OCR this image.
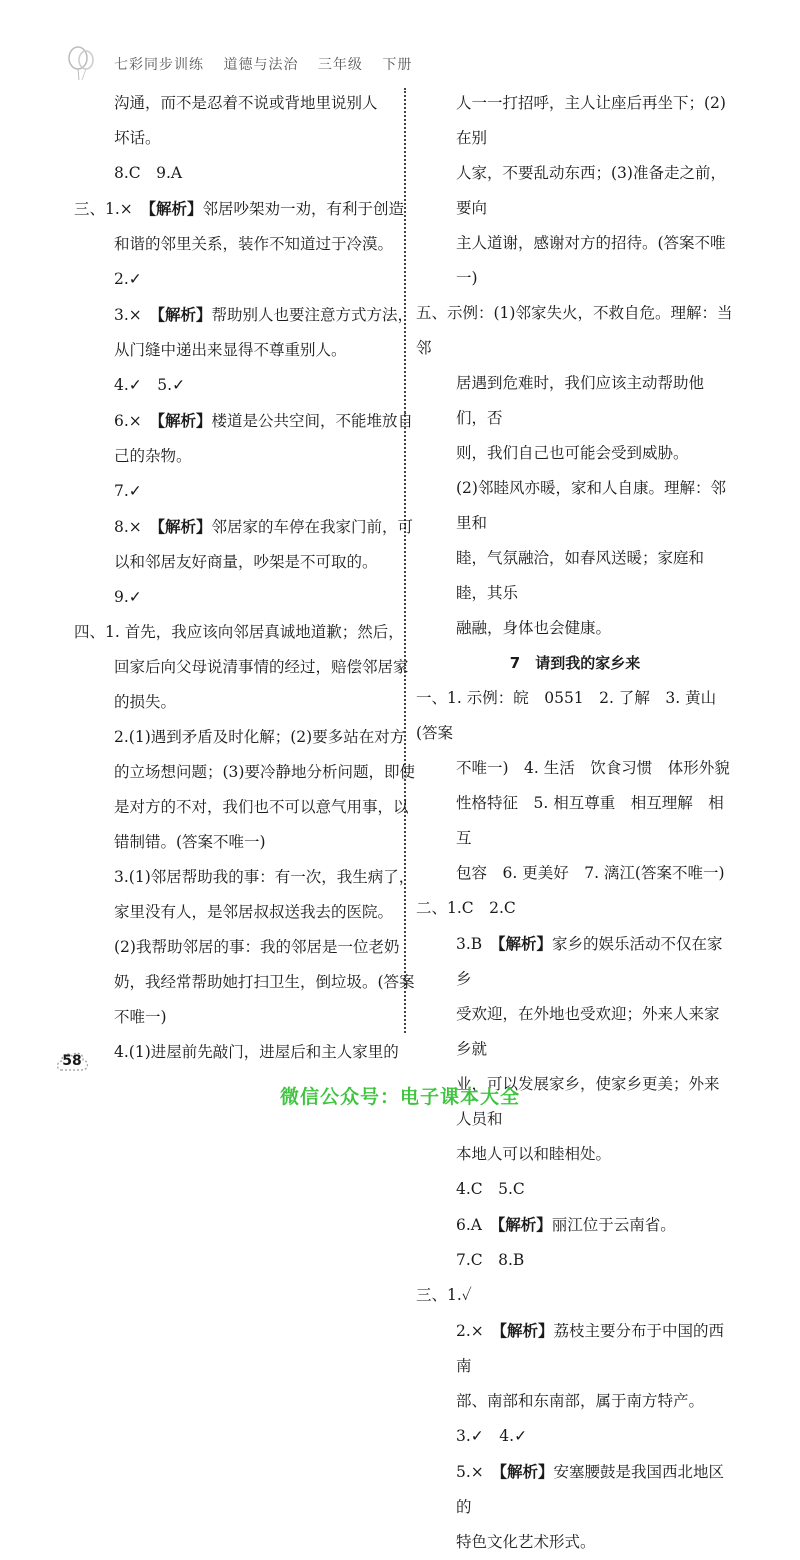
七彩同步训练 道德与法治 三年级 下册

沟通，而不是忍着不说或背地里说别人

坏话。

8.C　9.A

三、1.×　【解析】邻居吵架劝一劝，有利于创造

和谐的邻里关系，装作不知道过于冷漠。

2.✓

3.×　【解析】帮助别人也要注意方式方法，

从门缝中递出来显得不尊重别人。

4.✓　5.✓

6.×　【解析】楼道是公共空间，不能堆放自

己的杂物。

7.✓

8.×　【解析】邻居家的车停在我家门前，可

以和邻居友好商量，吵架是不可取的。

9.✓

四、1. 首先，我应该向邻居真诚地道歉；然后，

回家后向父母说清事情的经过，赔偿邻居家

的损失。

2.(1)遇到矛盾及时化解；(2)要多站在对方

的立场想问题；(3)要冷静地分析问题，即使

是对方的不对，我们也不可以意气用事，以

错制错。(答案不唯一)

3.(1)邻居帮助我的事：有一次，我生病了，

家里没有人，是邻居叔叔送我去的医院。

(2)我帮助邻居的事：我的邻居是一位老奶

奶，我经常帮助她打扫卫生，倒垃圾。(答案

不唯一)

4.(1)进屋前先敲门，进屋后和主人家里的

人一一打招呼，主人让座后再坐下；(2)在别

人家，不要乱动东西；(3)准备走之前，要向

主人道谢，感谢对方的招待。(答案不唯一)

五、示例：(1)邻家失火，不救自危。理解：当邻

居遇到危难时，我们应该主动帮助他们，否

则，我们自己也可能会受到威胁。

(2)邻睦风亦暖，家和人自康。理解：邻里和

睦，气氛融洽，如春风送暖；家庭和睦，其乐

融融，身体也会健康。

7　请到我的家乡来

一、1. 示例：皖　0551　2. 了解　3. 黄山(答案

不唯一)　4. 生活　饮食习惯　体形外貌

性格特征　5. 相互尊重　相互理解　相互

包容　6. 更美好　7. 漓江(答案不唯一)

二、1.C　2.C

3.B　【解析】家乡的娱乐活动不仅在家乡

受欢迎，在外地也受欢迎；外来人来家乡就

业，可以发展家乡，使家乡更美；外来人员和

本地人可以和睦相处。

4.C　5.C

6.A　【解析】丽江位于云南省。

7.C　8.B

三、1.✓

2.×　【解析】荔枝主要分布于中国的西南

部、南部和东南部，属于南方特产。

3.✓　4.✓

5.×　【解析】安塞腰鼓是我国西北地区的

特色文化艺术形式。

58
微信公众号：电子课本大全
